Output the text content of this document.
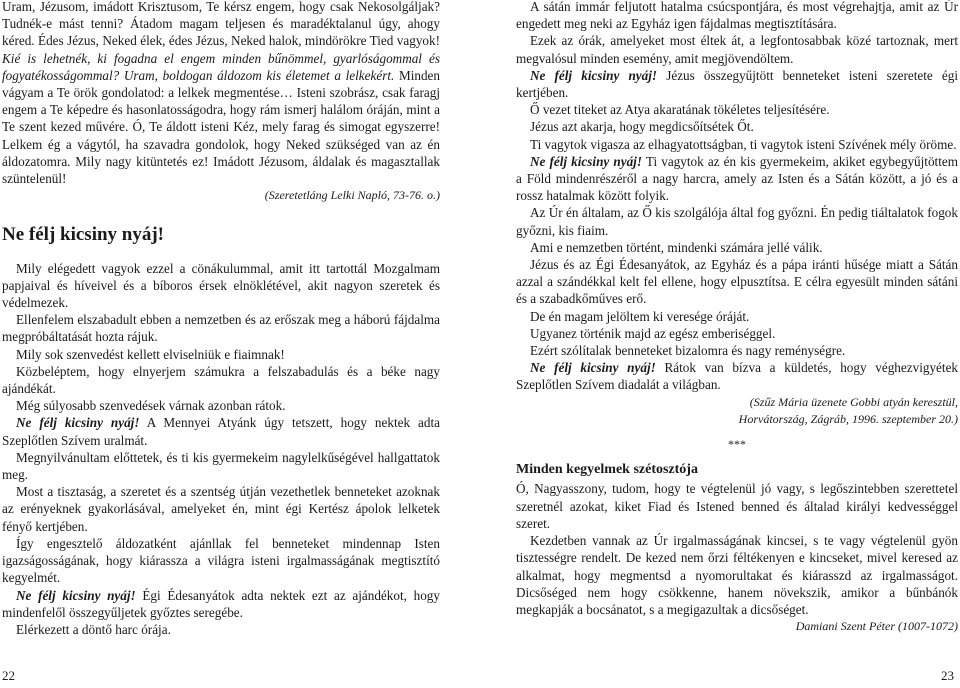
Uram, Jézusom, imádott Krisztusom, Te kérsz engem, hogy csak Nekosolgáljak? Tudnék-e mást tenni? Átadom magam teljesen és maradéktalanul úgy, ahogy kéred. Édes Jézus, Neked élek, édes Jézus, Neked halok, mindörökre Tied vagyok! Kié is lehetnék, ki fogadna el engem minden bűnömmel, gyarlóságommal és fogyatékosságommal? Uram, boldogan áldozom kis életemet a lelkekért. Minden vágyam a Te örök gondolatod: a lelkek megmentése… Isteni szobrász, csak faragj engem a Te képedre és hasonlatosságodra, hogy rám ismerj halálom óráján, mint a Te szent kezed művére. Ó, Te áldott isteni Kéz, mely farag és simogat egyszerre! Lelkem ég a vágytól, ha szavadra gondolok, hogy Neked szükséged van az én áldozatomra. Mily nagy kitüntetés ez! Imádott Jézusom, áldalak és magasztallak szüntelenül!

(Szeretetláng Lelki Napló, 73-76. o.)

Ne félj kicsiny nyáj!

Mily elégedett vagyok ezzel a cönákulummal, amit itt tartottál Mozgalmam papjaival és híveivel és a bíboros érsek elnöklétével, akit nagyon szeretek és védelmezek.

Ellenfelem elszabadult ebben a nemzetben és az erőszak meg a háború fájdalma megpróbáltatását hozta rájuk.

Mily sok szenvedést kellett elviselniük e fiaimnak!

Közbeléptem, hogy elnyerjem számukra a felszabadulás és a béke nagy ajándékát.

Még súlyosabb szenvedések várnak azonban rátok.

Ne félj kicsiny nyáj! A Mennyei Atyánk úgy tetszett, hogy nektek adta Szeplőtlen Szívem uralmát.

Megnyilvánultam előttetek, és ti kis gyermekeim nagylelkűségével hallgattatok meg.

Most a tisztaság, a szeretet és a szentség útján vezethetlek benneteket azoknak az erényeknek gyakorlásával, amelyeket én, mint égi Kertész ápolok lelketek fényő kertjében.

Így engesztelő áldozatként ajánllak fel benneteket mindennap Isten igazságosságának, hogy kiárassza a világra isteni irgalmasságának megtisztító kegyelmét.

Ne félj kicsiny nyáj! Égi Édesanyátok adta nektek ezt az ajándékot, hogy mindenfelől összegyűljetek győztes seregébe.

Elérkezett a döntő harc órája.

A sátán immár feljutott hatalma csúcspontjára, és most végrehajtja, amit az Úr engedett meg neki az Egyház igen fájdalmas megtisztítására.

Ezek az órák, amelyeket most éltek át, a legfontosabbak közé tartoznak, mert megvalósul minden esemény, amit megjövendöltem.

Ne félj kicsiny nyáj! Jézus összegyűjtött benneteket isteni szeretete égi kertjében.

Ő vezet titeket az Atya akaratának tökéletes teljesítésére.

Jézus azt akarja, hogy megdicsőítsétek Őt.

Ti vagytok vigasza az elhagyatottságban, ti vagytok isteni Szívének mély öröme.

Ne félj kicsiny nyáj! Ti vagytok az én kis gyermekeim, akiket egybegyűjtöttem a Föld mindenrészéről a nagy harcra, amely az Isten és a Sátán között, a jó és a rossz hatalmak között folyik.

Az Úr én általam, az Ő kis szolgálója által fog győzni. Én pedig tiáltalatok fogok győzni, kis fiaim.

Ami e nemzetben történt, mindenki számára jellé válik.

Jézus és az Égi Édesanyátok, az Egyház és a pápa iránti hűsége miatt a Sátán azzal a szándékkal kelt fel ellene, hogy elpusztítsa. E célra egyesült minden sátáni és a szabadkőműves erő.

De én magam jelöltem ki veresége óráját.

Ugyanez történik majd az egész emberiséggel.

Ezért szólítalak benneteket bizalomra és nagy reménységre.

Ne félj kicsiny nyáj! Rátok van bízva a küldetés, hogy véghezvigyétek Szeplőtlen Szívem diadalát a világban.

(Szűz Mária üzenete Gobbi atyán keresztül,

Horvátország, Zágráb, 1996. szeptember 20.)

***

Minden kegyelmek szétosztója

Ó, Nagyasszony, tudom, hogy te végtelenül jó vagy, s legőszintebben szerettetel szeretnél azokat, kiket Fiad és Istened benned és általad királyi kedvességgel szeret.

Kezdetben vannak az Úr irgalmasságának kincsei, s te vagy végtelenül gyön tisztességre rendelt. De kezed nem őrzi féltékenyen e kincseket, mivel keresed az alkalmat, hogy megmentsd a nyomorultakat és kiárasszd az irgalmasságot. Dicsőséged nem hogy csökkenne, hanem növekszik, amikor a bűnbánók megkapják a bocsánatot, s a megigazultak a dicsőséget.

Damiani Szent Péter (1007-1072)

22	23
